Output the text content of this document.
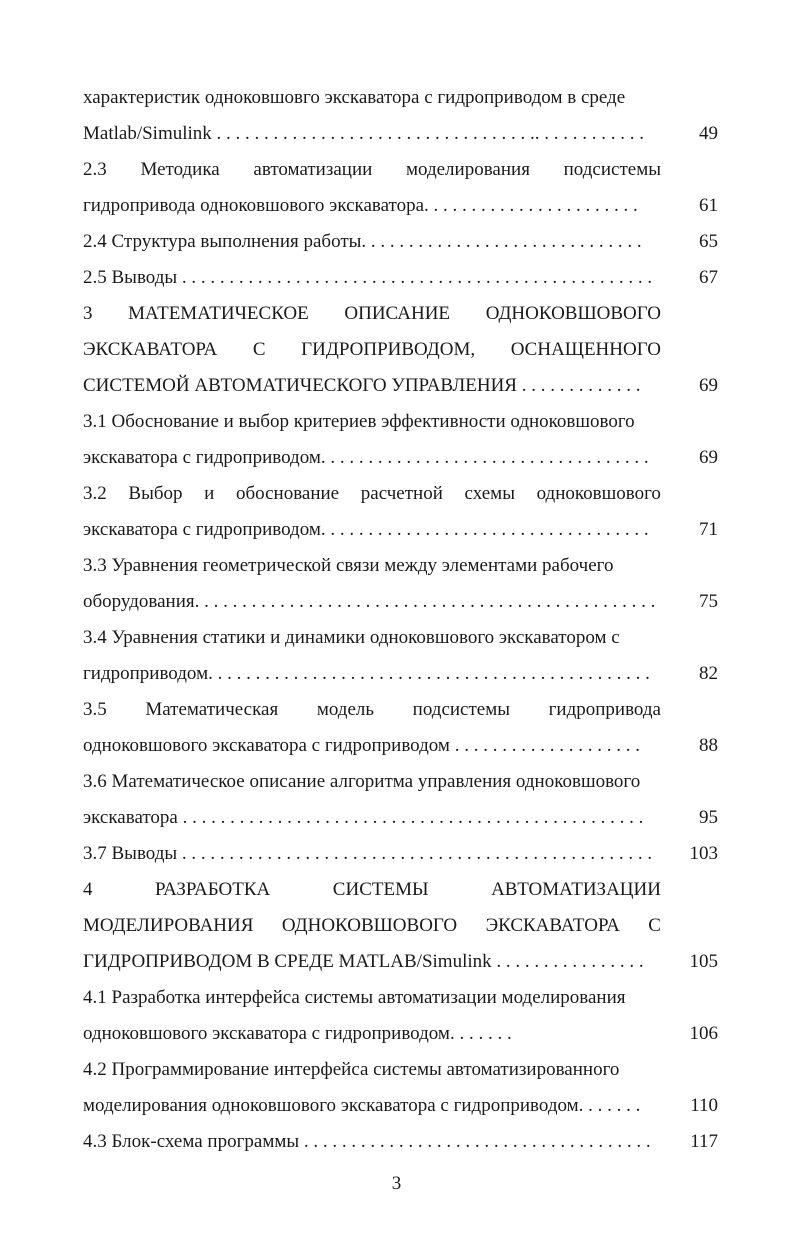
характеристик одноковшовго экскаватора с гидроприводом в среде
Matlab/Simulink . . . . . . . . . . . . . . . . . . . . . . . . . . . . . . . . . .. . . . . . . . . . . .	49
2.3 Методика автоматизации моделирования подсистемы
гидропривода одноковшового экскаватора. . . . . . . . . . . . . . . . . . . . . . .	61
2.4 Структура выполнения работы. . . . . . . . . . . . . . . . . . . . . . . . . . . . . .	65
2.5 Выводы . . . . . . . . . . . . . . . . . . . . . . . . . . . . . . . . . . . . . . . . . . . . . . . . . .	67
3 МАТЕМАТИЧЕСКОЕ ОПИСАНИЕ ОДНОКОВШОВОГО
ЭКСКАВАТОРА С ГИДРОПРИВОДОМ, ОСНАЩЕННОГО
СИСТЕМОЙ АВТОМАТИЧЕСКОГО УПРАВЛЕНИЯ . . . . . . . . . . . . .	69
3.1 Обоснование и выбор критериев эффективности одноковшового
экскаватора с гидроприводом. . . . . . . . . . . . . . . . . . . . . . . . . . . . . . . . . . .	69
3.2 Выбор и обоснование расчетной схемы одноковшового
экскаватора с гидроприводом. . . . . . . . . . . . . . . . . . . . . . . . . . . . . . . . . . .	71
3.3 Уравнения геометрической связи между элементами рабочего
оборудования. . . . . . . . . . . . . . . . . . . . . . . . . . . . . . . . . . . . . . . . . . . . . . . . .	75
3.4 Уравнения статики и динамики одноковшового экскаватором с
гидроприводом. . . . . . . . . . . . . . . . . . . . . . . . . . . . . . . . . . . . . . . . . . . . . . .	82
3.5 Математическая модель подсистемы гидропривода
одноковшового экскаватора с гидроприводом . . . . . . . . . . . . . . . . . . . .	88
3.6 Математическое описание алгоритма управления одноковшового
экскаватора . . . . . . . . . . . . . . . . . . . . . . . . . . . . . . . . . . . . . . . . . . . . . . . . .	95
3.7 Выводы . . . . . . . . . . . . . . . . . . . . . . . . . . . . . . . . . . . . . . . . . . . . . . . . . .	103
4	РАЗРАБОТКА	СИСТЕМЫ	АВТОМАТИЗАЦИИ
МОДЕЛИРОВАНИЯ ОДНОКОВШОВОГО ЭКСКАВАТОРА С
ГИДРОПРИВОДОМ В СРЕДЕ MATLAB/Simulink . . . . . . . . . . . . . . . .	105
4.1 Разработка интерфейса системы автоматизации моделирования
одноковшового экскаватора с гидроприводом. . . . . . .	106
4.2 Программирование интерфейса системы автоматизированного
моделирования одноковшового экскаватора с гидроприводом. . . . . . .	110
4.3 Блок-схема программы . . . . . . . . . . . . . . . . . . . . . . . . . . . . . . . . . . . . .	117
3
